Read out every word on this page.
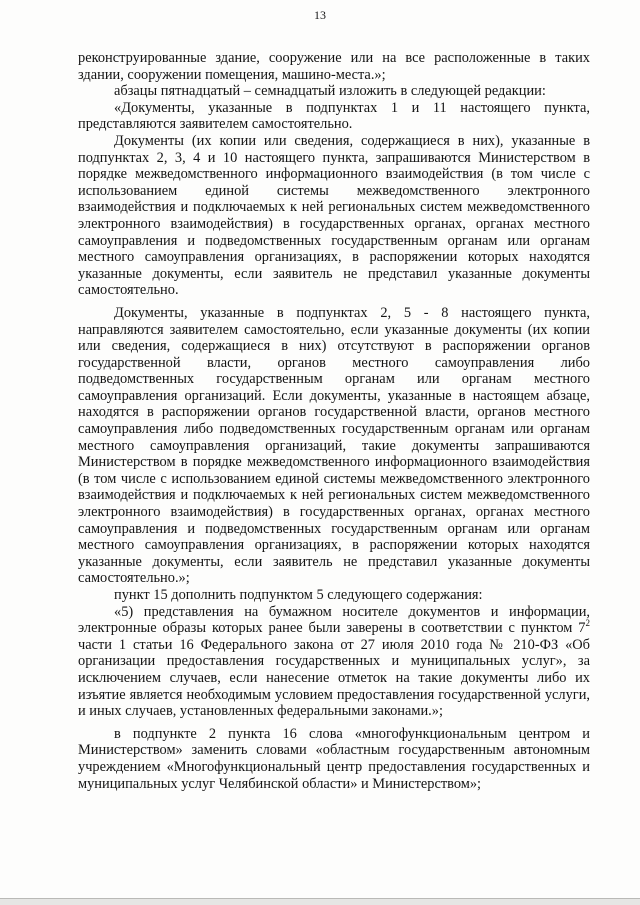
13

реконструированные здание, сооружение или на все расположенные в таких здании, сооружении помещения, машино-места.»;

абзацы пятнадцатый – семнадцатый изложить в следующей редакции:

«Документы, указанные в подпунктах 1 и 11 настоящего пункта, представляются заявителем самостоятельно.

Документы (их копии или сведения, содержащиеся в них), указанные в подпунктах 2, 3, 4 и 10 настоящего пункта, запрашиваются Министерством в порядке межведомственного информационного взаимодействия (в том числе с использованием единой системы межведомственного электронного взаимодействия и подключаемых к ней региональных систем межведомственного электронного взаимодействия) в государственных органах, органах местного самоуправления и подведомственных государственным органам или органам местного самоуправления организациях, в распоряжении которых находятся указанные документы, если заявитель не представил указанные документы самостоятельно.

Документы, указанные в подпунктах 2, 5 - 8 настоящего пункта, направляются заявителем самостоятельно, если указанные документы (их копии или сведения, содержащиеся в них) отсутствуют в распоряжении органов государственной власти, органов местного самоуправления либо подведомственных государственным органам или органам местного самоуправления организаций. Если документы, указанные в настоящем абзаце, находятся в распоряжении органов государственной власти, органов местного самоуправления либо подведомственных государственным органам или органам местного самоуправления организаций, такие документы запрашиваются Министерством в порядке межведомственного информационного взаимодействия (в том числе с использованием единой системы межведомственного электронного взаимодействия и подключаемых к ней региональных систем межведомственного электронного взаимодействия) в государственных органах, органах местного самоуправления и подведомственных государственным органам или органам местного самоуправления организациях, в распоряжении которых находятся указанные документы, если заявитель не представил указанные документы самостоятельно.»;

пункт 15 дополнить подпунктом 5 следующего содержания:

«5) представления на бумажном носителе документов и информации, электронные образы которых ранее были заверены в соответствии с пунктом $7^2$ части 1 статьи 16 Федерального закона от 27 июля 2010 года № 210-ФЗ «Об организации предоставления государственных и муниципальных услуг», за исключением случаев, если нанесение отметок на такие документы либо их изъятие является необходимым условием предоставления государственной услуги, и иных случаев, установленных федеральными законами.»;

в подпункте 2 пункта 16 слова «многофункциональным центром и Министерством» заменить словами «областным государственным автономным учреждением «Многофункциональный центр предоставления государственных и муниципальных услуг Челябинской области» и Министерством»;
